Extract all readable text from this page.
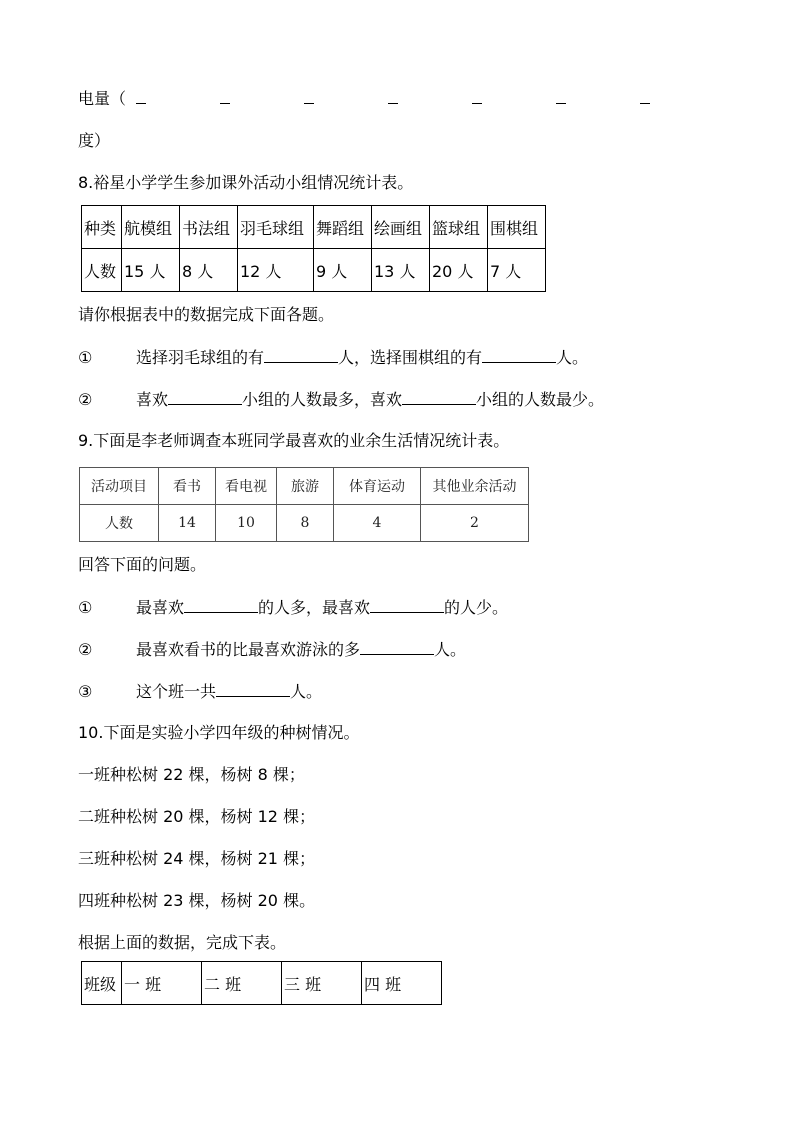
电量（
度）
8.裕星小学学生参加课外活动小组情况统计表。
种类	航模组	书法组	羽毛球组	舞蹈组	绘画组	篮球组	围棋组
人数	15 人	8 人	12 人	9 人	13 人	20 人	7 人
请你根据表中的数据完成下面各题。
①	选择羽毛球组的有	人，选择围棋组的有	人。
②	喜欢	小组的人数最多，喜欢	小组的人数最少。
9.下面是李老师调查本班同学最喜欢的业余生活情况统计表。
活动项目	看书	看电视	旅游	体育运动	其他业余活动
人数	14	10	8	4	2
回答下面的问题。
①	最喜欢	的人多，最喜欢	的人少。
②	最喜欢看书的比最喜欢游泳的多	人。
③	这个班一共	人。
10.下面是实验小学四年级的种树情况。
一班种松树 22 棵，杨树 8 棵；
二班种松树 20 棵，杨树 12 棵；
三班种松树 24 棵，杨树 21 棵；
四班种松树 23 棵，杨树 20 棵。
根据上面的数据，完成下表。
班级	一 班	二 班	三 班	四 班
